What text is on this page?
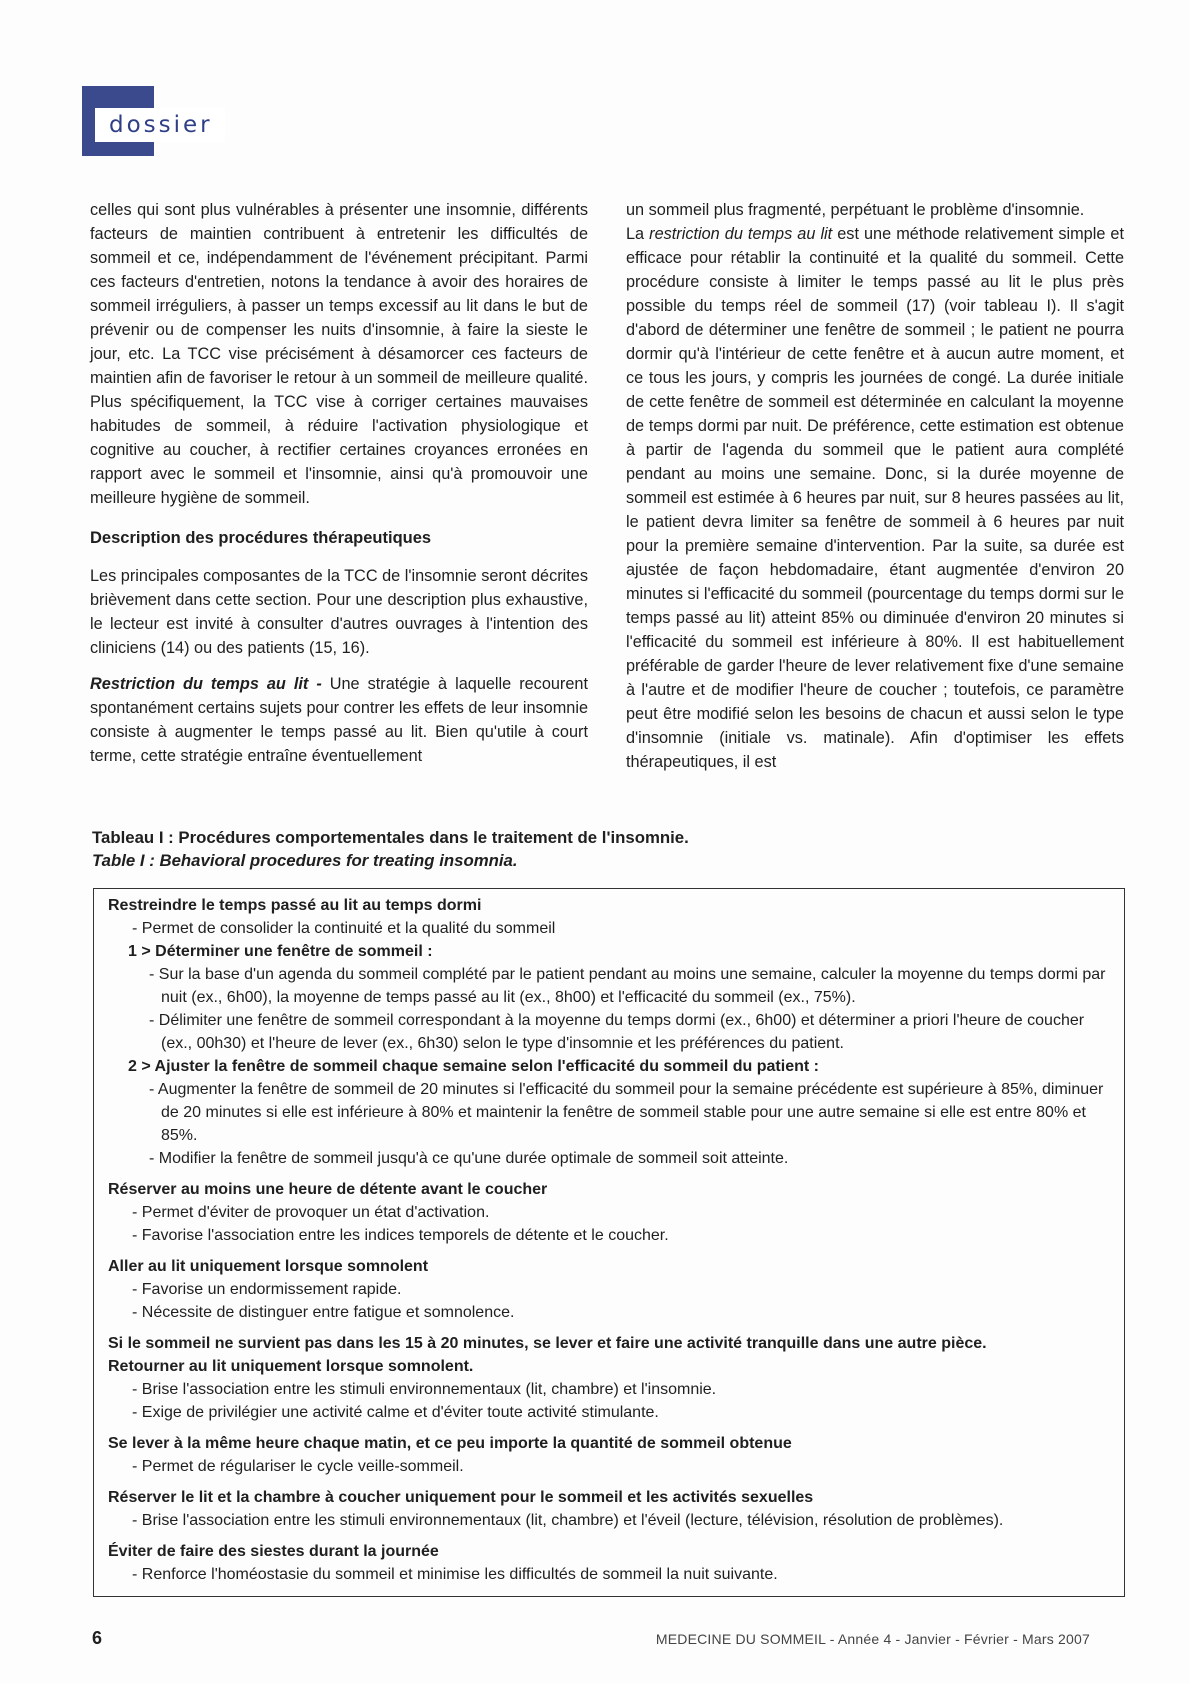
dossier

celles qui sont plus vulnérables à présenter une insomnie, différents facteurs de maintien contribuent à entretenir les difficultés de sommeil et ce, indépendamment de l'événement précipitant. Parmi ces facteurs d'entretien, notons la tendance à avoir des horaires de sommeil irréguliers, à passer un temps excessif au lit dans le but de prévenir ou de compenser les nuits d'insomnie, à faire la sieste le jour, etc. La TCC vise précisément à désamorcer ces facteurs de maintien afin de favoriser le retour à un sommeil de meilleure qualité. Plus spécifiquement, la TCC vise à corriger certaines mauvaises habitudes de sommeil, à réduire l'activation physiologique et cognitive au coucher, à rectifier certaines croyances erronées en rapport avec le sommeil et l'insomnie, ainsi qu'à promouvoir une meilleure hygiène de sommeil.

Description des procédures thérapeutiques

Les principales composantes de la TCC de l'insomnie seront décrites brièvement dans cette section. Pour une description plus exhaustive, le lecteur est invité à consulter d'autres ouvrages à l'intention des cliniciens (14) ou des patients (15, 16).

Restriction du temps au lit - Une stratégie à laquelle recourent spontanément certains sujets pour contrer les effets de leur insomnie consiste à augmenter le temps passé au lit. Bien qu'utile à court terme, cette stratégie entraîne éventuellement

un sommeil plus fragmenté, perpétuant le problème d'insomnie.

La restriction du temps au lit est une méthode relativement simple et efficace pour rétablir la continuité et la qualité du sommeil. Cette procédure consiste à limiter le temps passé au lit le plus près possible du temps réel de sommeil (17) (voir tableau I). Il s'agit d'abord de déterminer une fenêtre de sommeil ; le patient ne pourra dormir qu'à l'intérieur de cette fenêtre et à aucun autre moment, et ce tous les jours, y compris les journées de congé. La durée initiale de cette fenêtre de sommeil est déterminée en calculant la moyenne de temps dormi par nuit. De préférence, cette estimation est obtenue à partir de l'agenda du sommeil que le patient aura complété pendant au moins une semaine. Donc, si la durée moyenne de sommeil est estimée à 6 heures par nuit, sur 8 heures passées au lit, le patient devra limiter sa fenêtre de sommeil à 6 heures par nuit pour la première semaine d'intervention. Par la suite, sa durée est ajustée de façon hebdomadaire, étant augmentée d'environ 20 minutes si l'efficacité du sommeil (pourcentage du temps dormi sur le temps passé au lit) atteint 85% ou diminuée d'environ 20 minutes si l'efficacité du sommeil est inférieure à 80%. Il est habituellement préférable de garder l'heure de lever relativement fixe d'une semaine à l'autre et de modifier l'heure de coucher ; toutefois, ce paramètre peut être modifié selon les besoins de chacun et aussi selon le type d'insomnie (initiale vs. matinale). Afin d'optimiser les effets thérapeutiques, il est

Tableau I : Procédures comportementales dans le traitement de l'insomnie.
Table I : Behavioral procedures for treating insomnia.
Restreindre le temps passé au lit au temps dormi
- Permet de consolider la continuité et la qualité du sommeil
1 > Déterminer une fenêtre de sommeil :
- Sur la base d'un agenda du sommeil complété par le patient pendant au moins une semaine, calculer la moyenne du temps dormi par nuit (ex., 6h00), la moyenne de temps passé au lit (ex., 8h00) et l'efficacité du sommeil (ex., 75%).
- Délimiter une fenêtre de sommeil correspondant à la moyenne du temps dormi (ex., 6h00) et déterminer a priori l'heure de coucher (ex., 00h30) et l'heure de lever (ex., 6h30) selon le type d'insomnie et les préférences du patient.
2 > Ajuster la fenêtre de sommeil chaque semaine selon l'efficacité du sommeil du patient :
- Augmenter la fenêtre de sommeil de 20 minutes si l'efficacité du sommeil pour la semaine précédente est supérieure à 85%, diminuer de 20 minutes si elle est inférieure à 80% et maintenir la fenêtre de sommeil stable pour une autre semaine si elle est entre 80% et 85%.
- Modifier la fenêtre de sommeil jusqu'à ce qu'une durée optimale de sommeil soit atteinte.
Réserver au moins une heure de détente avant le coucher
- Permet d'éviter de provoquer un état d'activation.
- Favorise l'association entre les indices temporels de détente et le coucher.
Aller au lit uniquement lorsque somnolent
- Favorise un endormissement rapide.
- Nécessite de distinguer entre fatigue et somnolence.
Si le sommeil ne survient pas dans les 15 à 20 minutes, se lever et faire une activité tranquille dans une autre pièce.
Retourner au lit uniquement lorsque somnolent.
- Brise l'association entre les stimuli environnementaux (lit, chambre) et l'insomnie.
- Exige de privilégier une activité calme et d'éviter toute activité stimulante.
Se lever à la même heure chaque matin, et ce peu importe la quantité de sommeil obtenue
- Permet de régulariser le cycle veille-sommeil.
Réserver le lit et la chambre à coucher uniquement pour le sommeil et les activités sexuelles
- Brise l'association entre les stimuli environnementaux (lit, chambre) et l'éveil (lecture, télévision, résolution de problèmes).
Éviter de faire des siestes durant la journée
- Renforce l'homéostasie du sommeil et minimise les difficultés de sommeil la nuit suivante.
6	MEDECINE DU SOMMEIL - Année 4 - Janvier - Février - Mars 2007
